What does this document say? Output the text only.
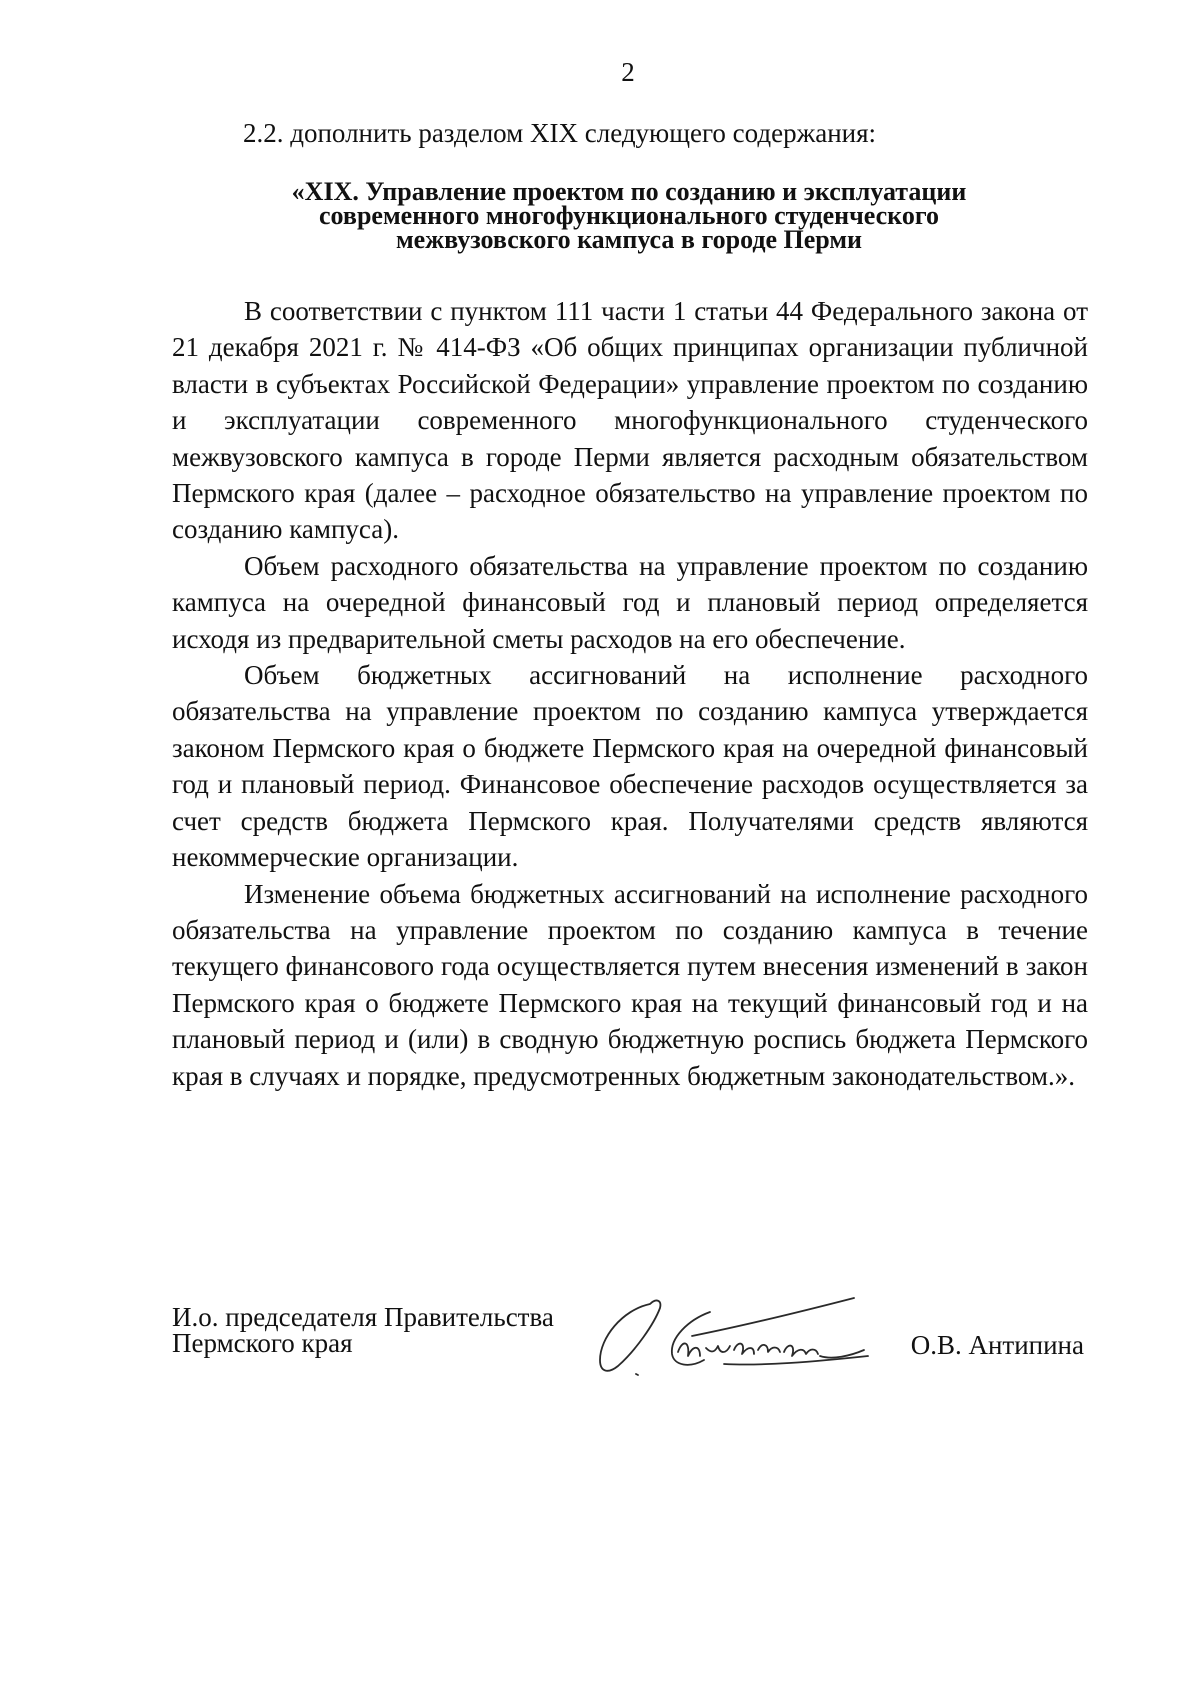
2
2.2. дополнить разделом XIX следующего содержания:
«XIX. Управление проектом по созданию и эксплуатации
современного многофункционального студенческого
межвузовского кампуса в городе Перми

В соответствии с пунктом 111 части 1 статьи 44 Федерального закона от 21 декабря 2021 г. № 414-ФЗ «Об общих принципах организации публичной власти в субъектах Российской Федерации» управление проектом по созданию и эксплуатации современного многофункционального студенческого межвузовского кампуса в городе Перми является расходным обязательством Пермского края (далее – расходное обязательство на управление проектом по созданию кампуса).

Объем расходного обязательства на управление проектом по созданию кампуса на очередной финансовый год и плановый период определяется исходя из предварительной сметы расходов на его обеспечение.

Объем бюджетных ассигнований на исполнение расходного обязательства на управление проектом по созданию кампуса утверждается законом Пермского края о бюджете Пермского края на очередной финансовый год и плановый период. Финансовое обеспечение расходов осуществляется за счет средств бюджета Пермского края. Получателями средств являются некоммерческие организации.

Изменение объема бюджетных ассигнований на исполнение расходного обязательства на управление проектом по созданию кампуса в течение текущего финансового года осуществляется путем внесения изменений в закон Пермского края о бюджете Пермского края на текущий финансовый год и на плановый период и (или) в сводную бюджетную роспись бюджета Пермского края в случаях и порядке, предусмотренных бюджетным законодательством.».

И.о. председателя Правительства
Пермского края	О.В. Антипина
